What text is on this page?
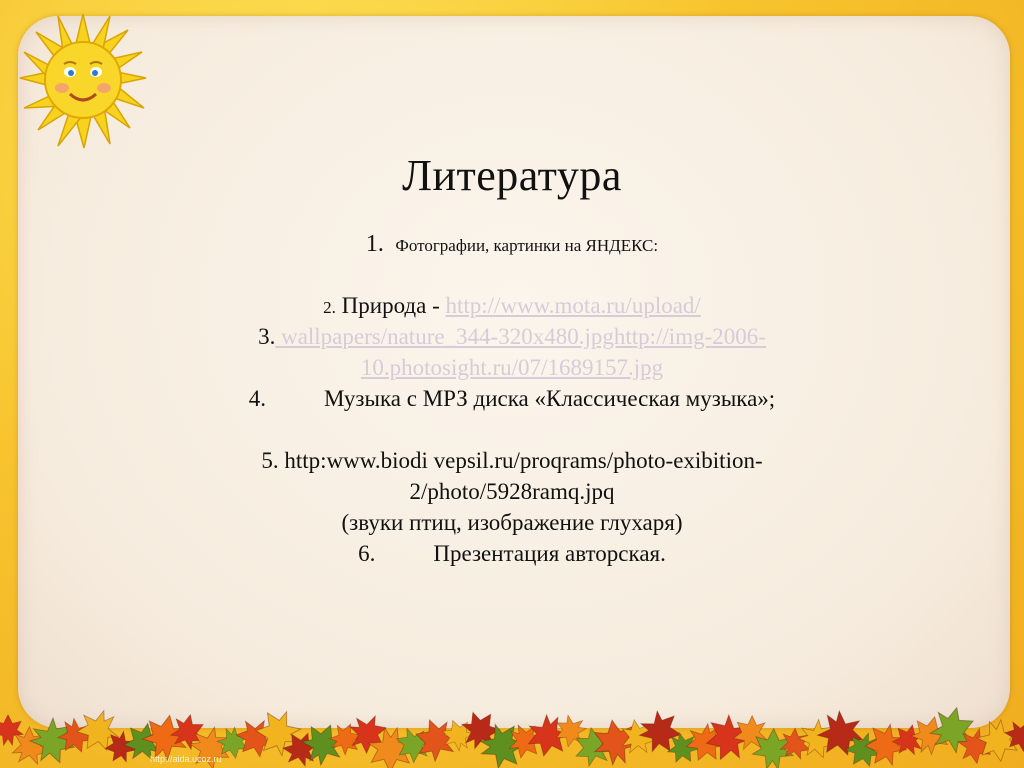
Литература
1. Фотографии, картинки на ЯНДЕКС:
2. Природа - http://www.mota.ru/upload/
3. wallpapers/nature_344-320x480.jpghttp://img-2006-
10.photosight.ru/07/1689157.jpg
4.	Музыка с МРЗ диска «Классическая музыка»;
5. http:www.biodi vepsil.ru/proqrams/photo-exibition-
2/photo/5928ramq.jpq
(звуки птиц, изображение глухаря)
6.	Презентация авторская.
http://aida.ucoz.ru
